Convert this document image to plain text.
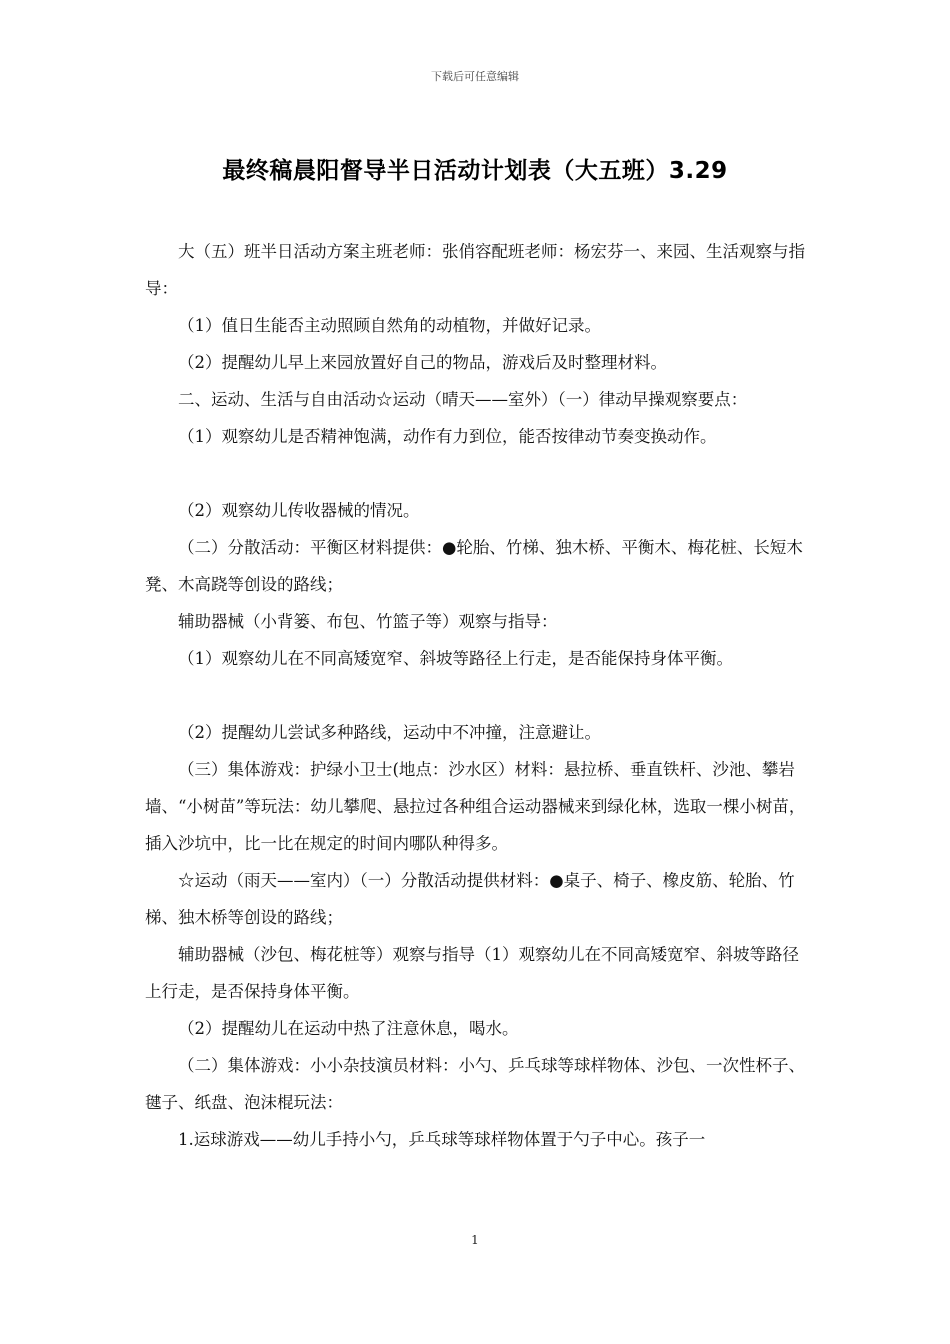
下载后可任意编辑
最终稿晨阳督导半日活动计划表（大五班）3.29

大（五）班半日活动方案主班老师：张俏容配班老师：杨宏芬一、来园、生活观察与指导：

（1）值日生能否主动照顾自然角的动植物，并做好记录。

（2）提醒幼儿早上来园放置好自己的物品，游戏后及时整理材料。

二、运动、生活与自由活动☆运动（晴天——室外）（一）律动早操观察要点：

（1）观察幼儿是否精神饱满，动作有力到位，能否按律动节奏变换动作。

（2）观察幼儿传收器械的情况。

（二）分散活动：平衡区材料提供：●轮胎、竹梯、独木桥、平衡木、梅花桩、长短木凳、木高跷等创设的路线；

辅助器械（小背篓、布包、竹篮子等）观察与指导：

（1）观察幼儿在不同高矮宽窄、斜坡等路径上行走，是否能保持身体平衡。

（2）提醒幼儿尝试多种路线，运动中不冲撞，注意避让。

（三）集体游戏：护绿小卫士(地点：沙水区）材料：悬拉桥、垂直铁杆、沙池、攀岩墙、“小树苗”等玩法：幼儿攀爬、悬拉过各种组合运动器械来到绿化林，选取一棵小树苗，插入沙坑中，比一比在规定的时间内哪队种得多。

☆运动（雨天——室内）（一）分散活动提供材料：●桌子、椅子、橡皮筋、轮胎、竹梯、独木桥等创设的路线；

辅助器械（沙包、梅花桩等）观察与指导（1）观察幼儿在不同高矮宽窄、斜坡等路径上行走，是否保持身体平衡。

（2）提醒幼儿在运动中热了注意休息，喝水。

（二）集体游戏：小小杂技演员材料：小勺、乒乓球等球样物体、沙包、一次性杯子、毽子、纸盘、泡沫棍玩法：

1.运球游戏——幼儿手持小勺，乒乓球等球样物体置于勺子中心。孩子一

1
